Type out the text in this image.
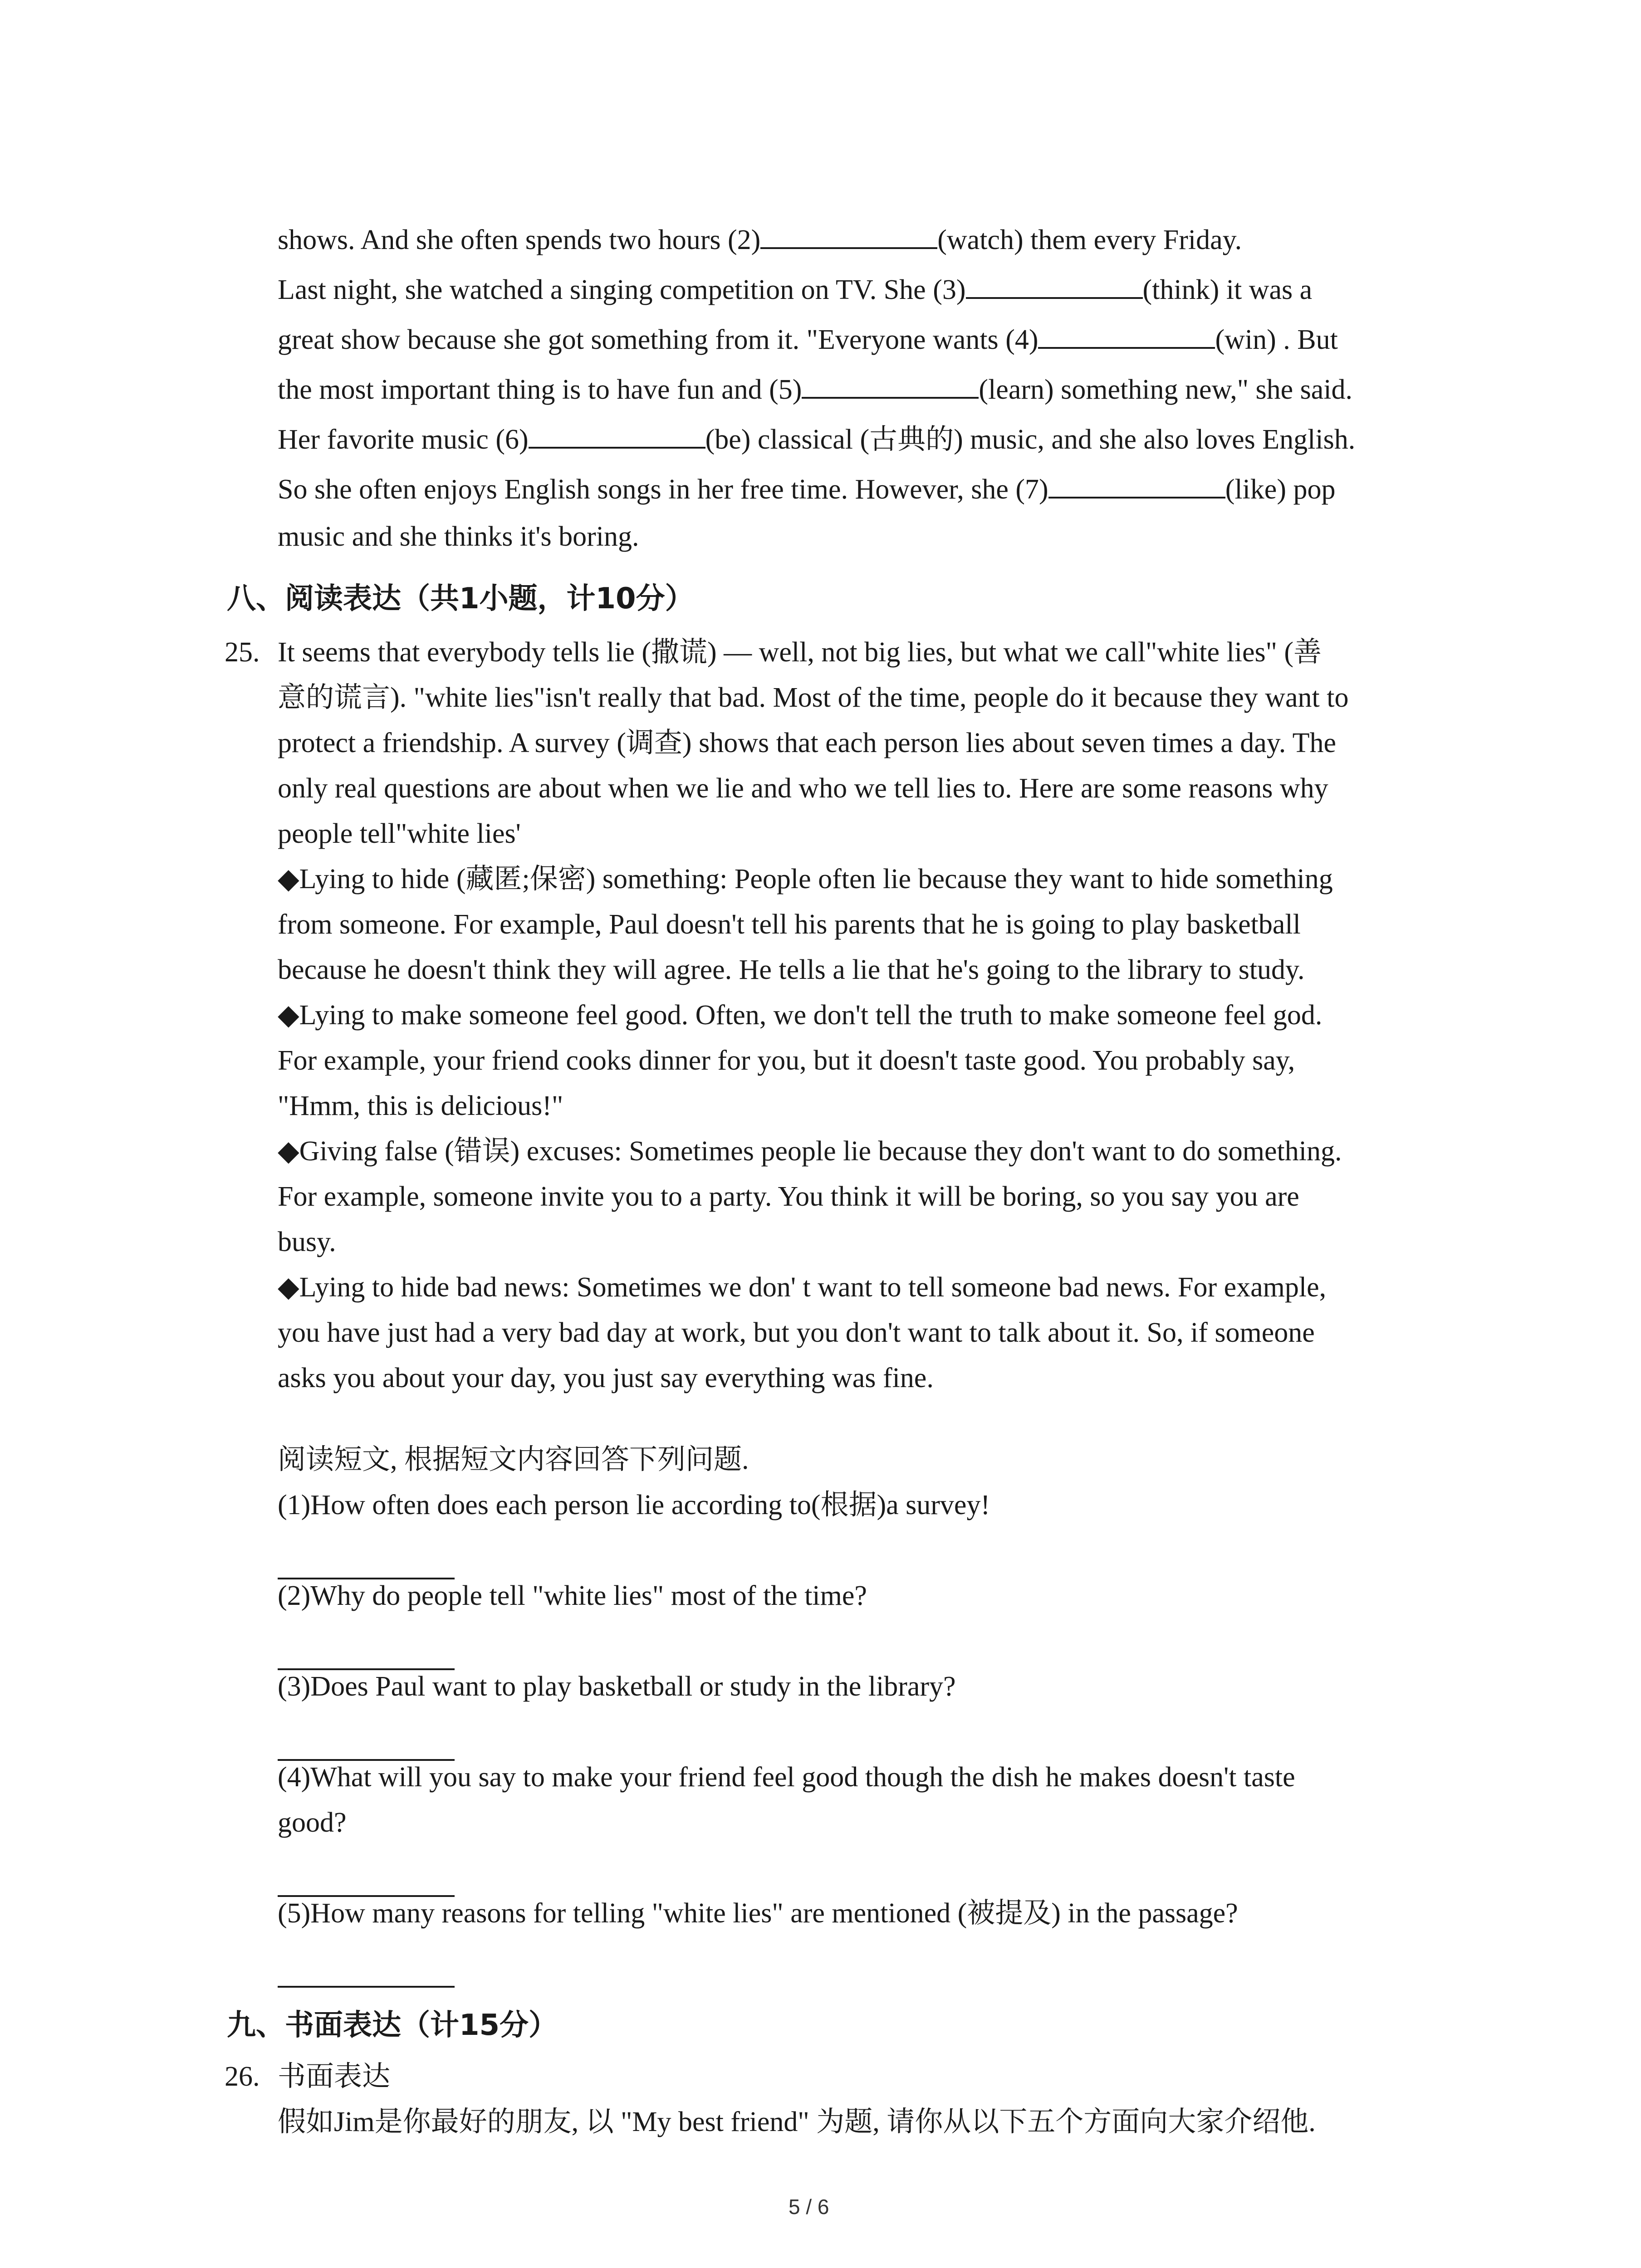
shows. And she often spends two hours (2)	(watch) them every Friday.
Last night, she watched a singing competition on TV. She (3)	(think) it was a
great show because she got something from it. "Everyone wants (4)	(win) . But
the most important thing is to have fun and (5)	(learn) something new," she said.
Her favorite music (6)	(be) classical (古典的) music, and she also loves English.
So she often enjoys English songs in her free time. However, she (7)	(like) pop
music and she thinks it's boring.
八、阅读表达（共1小题，计10分）
25. It seems that everybody tells lie (撒谎) — well, not big lies, but what we call"white lies" (善
意的谎言). "white lies"isn't really that bad. Most of the time, people do it because they want to
protect a friendship. A survey (调查) shows that each person lies about seven times a day. The
only real questions are about when we lie and who we tell lies to. Here are some reasons why
people tell"white lies'
◆Lying to hide (藏匿;保密) something: People often lie because they want to hide something
from someone. For example, Paul doesn't tell his parents that he is going to play basketball
because he doesn't think they will agree. He tells a lie that he's going to the library to study.
◆Lying to make someone feel good. Often, we don't tell the truth to make someone feel god.
For example, your friend cooks dinner for you, but it doesn't taste good. You probably say,
"Hmm, this is delicious!"
◆Giving false (错误) excuses: Sometimes people lie because they don't want to do something.
For example, someone invite you to a party. You think it will be boring, so you say you are
busy.
◆Lying to hide bad news: Sometimes we don' t want to tell someone bad news. For example,
you have just had a very bad day at work, but you don't want to talk about it. So, if someone
asks you about your day, you just say everything was fine.
阅读短文, 根据短文内容回答下列问题.
(1)How often does each person lie according to(根据)a survey!
(2)Why do people tell "white lies" most of the time?
(3)Does Paul want to play basketball or study in the library?
(4)What will you say to make your friend feel good though the dish he makes doesn't taste
good?
(5)How many reasons for telling "white lies" are mentioned (被提及) in the passage?
九、书面表达（计15分）
26. 书面表达
假如Jim是你最好的朋友, 以 "My best friend" 为题, 请你从以下五个方面向大家介绍他.
5 / 6
